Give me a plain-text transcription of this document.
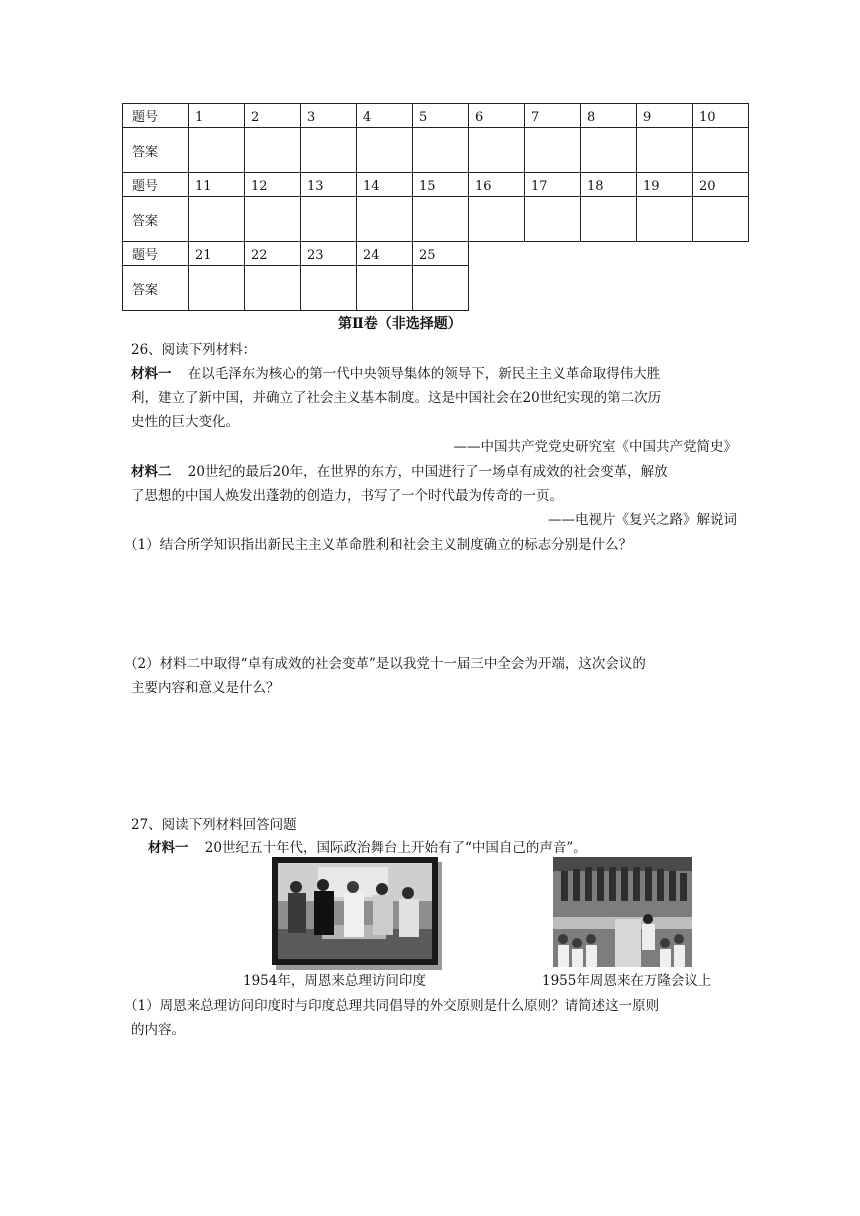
题号	1	2	3	4	5	6	7	8	9	10
答案										
题号	11	12	13	14	15	16	17	18	19	20
答案										
题号	21	22	23	24	25
答案					
第Ⅱ卷（非选择题）
26、阅读下列材料：
材料一 在以毛泽东为核心的第一代中央领导集体的领导下，新民主主义革命取得伟大胜
利，建立了新中国，并确立了社会主义基本制度。这是中国社会在20世纪实现的第二次历
史性的巨大变化。
——中国共产党党史研究室《中国共产党简史》
材料二 20世纪的最后20年，在世界的东方，中国进行了一场卓有成效的社会变革，解放
了思想的中国人焕发出蓬勃的创造力，书写了一个时代最为传奇的一页。
——电视片《复兴之路》解说词
（1）结合所学知识指出新民主主义革命胜利和社会主义制度确立的标志分别是什么？
（2）材料二中取得“卓有成效的社会变革”是以我党十一届三中全会为开端，这次会议的
主要内容和意义是什么？
27、阅读下列材料回答问题
材料一 20世纪五十年代，国际政治舞台上开始有了“中国自己的声音”。
1954年，周恩来总理访问印度	1955年周恩来在万隆会议上
（1）周恩来总理访问印度时与印度总理共同倡导的外交原则是什么原则？请简述这一原则
的内容。
